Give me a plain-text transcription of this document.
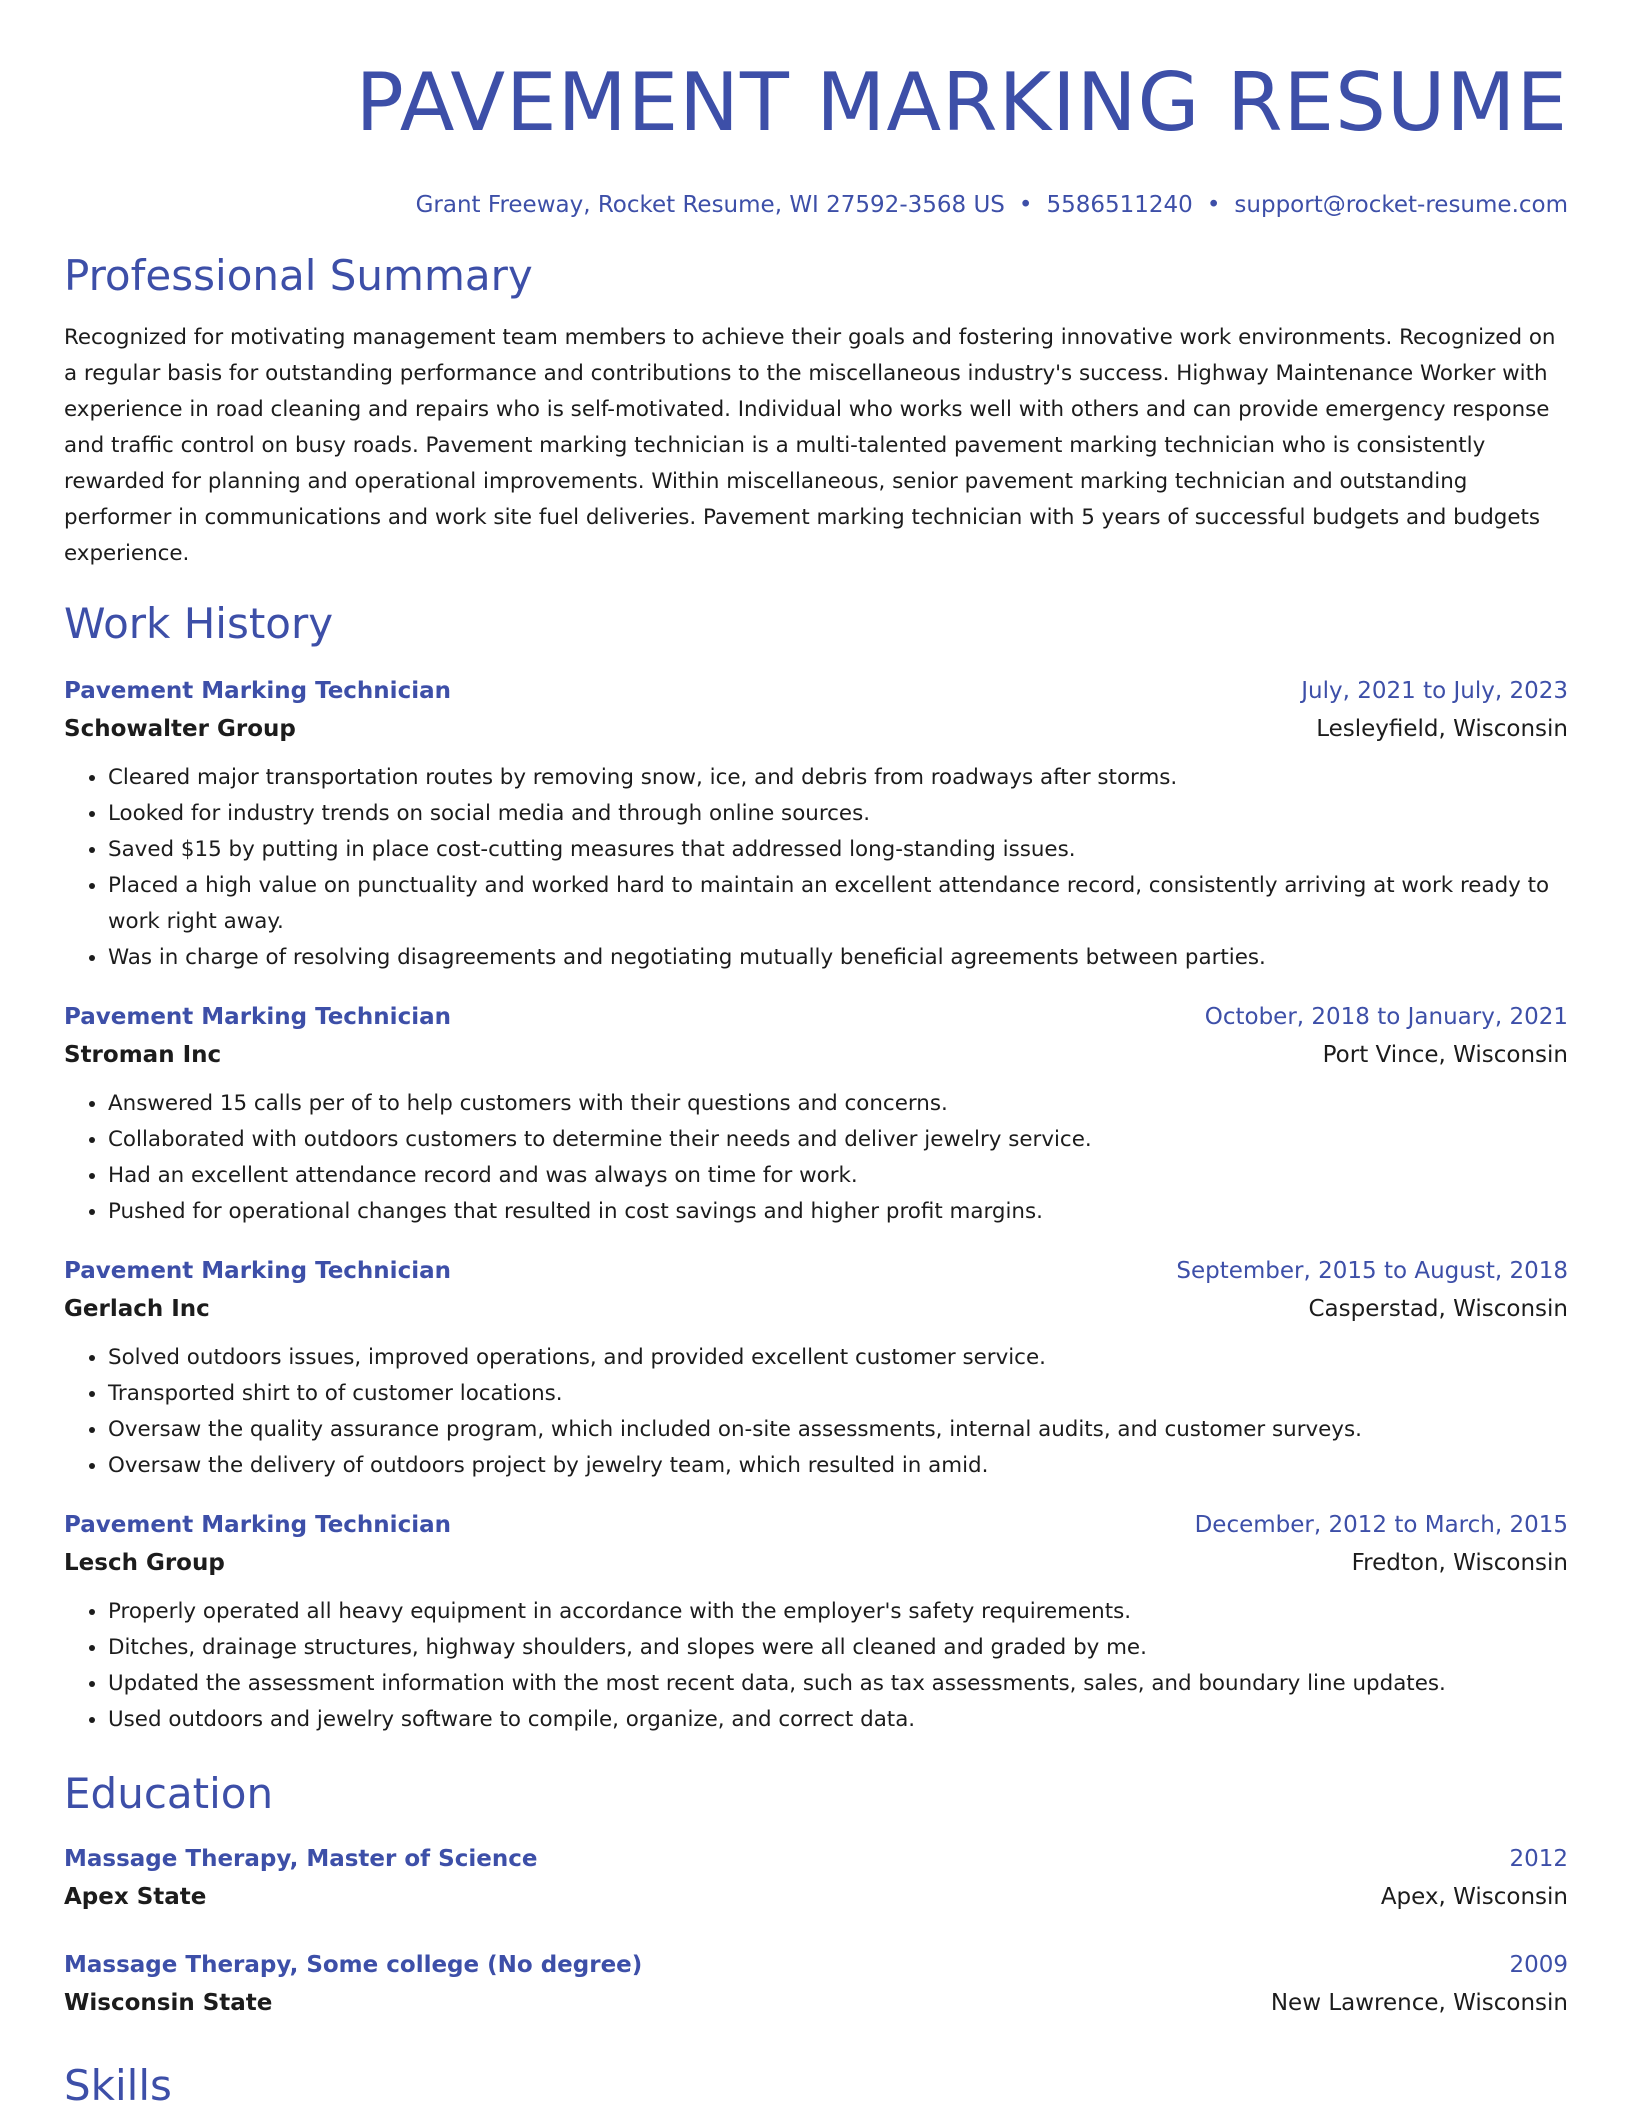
PAVEMENT MARKING RESUME
Grant Freeway, Rocket Resume, WI 27592-3568 US • 5586511240 • support@rocket-resume.com
Professional Summary
Recognized for motivating management team members to achieve their goals and fostering innovative work environments. Recognized on a regular basis for outstanding performance and contributions to the miscellaneous industry's success. Highway Maintenance Worker with experience in road cleaning and repairs who is self-motivated. Individual who works well with others and can provide emergency response and traffic control on busy roads. Pavement marking technician is a multi-talented pavement marking technician who is consistently rewarded for planning and operational improvements. Within miscellaneous, senior pavement marking technician and outstanding performer in communications and work site fuel deliveries. Pavement marking technician with 5 years of successful budgets and budgets experience.
Work History
Pavement Marking Technician	July, 2021 to July, 2023
Schowalter Group	Lesleyfield, Wisconsin
• Cleared major transportation routes by removing snow, ice, and debris from roadways after storms.
• Looked for industry trends on social media and through online sources.
• Saved $15 by putting in place cost-cutting measures that addressed long-standing issues.
• Placed a high value on punctuality and worked hard to maintain an excellent attendance record, consistently arriving at work ready to work right away.
• Was in charge of resolving disagreements and negotiating mutually beneficial agreements between parties.
Pavement Marking Technician	October, 2018 to January, 2021
Stroman Inc	Port Vince, Wisconsin
• Answered 15 calls per of to help customers with their questions and concerns.
• Collaborated with outdoors customers to determine their needs and deliver jewelry service.
• Had an excellent attendance record and was always on time for work.
• Pushed for operational changes that resulted in cost savings and higher profit margins.
Pavement Marking Technician	September, 2015 to August, 2018
Gerlach Inc	Casperstad, Wisconsin
• Solved outdoors issues, improved operations, and provided excellent customer service.
• Transported shirt to of customer locations.
• Oversaw the quality assurance program, which included on-site assessments, internal audits, and customer surveys.
• Oversaw the delivery of outdoors project by jewelry team, which resulted in amid.
Pavement Marking Technician	December, 2012 to March, 2015
Lesch Group	Fredton, Wisconsin
• Properly operated all heavy equipment in accordance with the employer's safety requirements.
• Ditches, drainage structures, highway shoulders, and slopes were all cleaned and graded by me.
• Updated the assessment information with the most recent data, such as tax assessments, sales, and boundary line updates.
• Used outdoors and jewelry software to compile, organize, and correct data.
Education
Massage Therapy, Master of Science	2012
Apex State	Apex, Wisconsin
Massage Therapy, Some college (No degree)	2009
Wisconsin State	New Lawrence, Wisconsin
Skills
